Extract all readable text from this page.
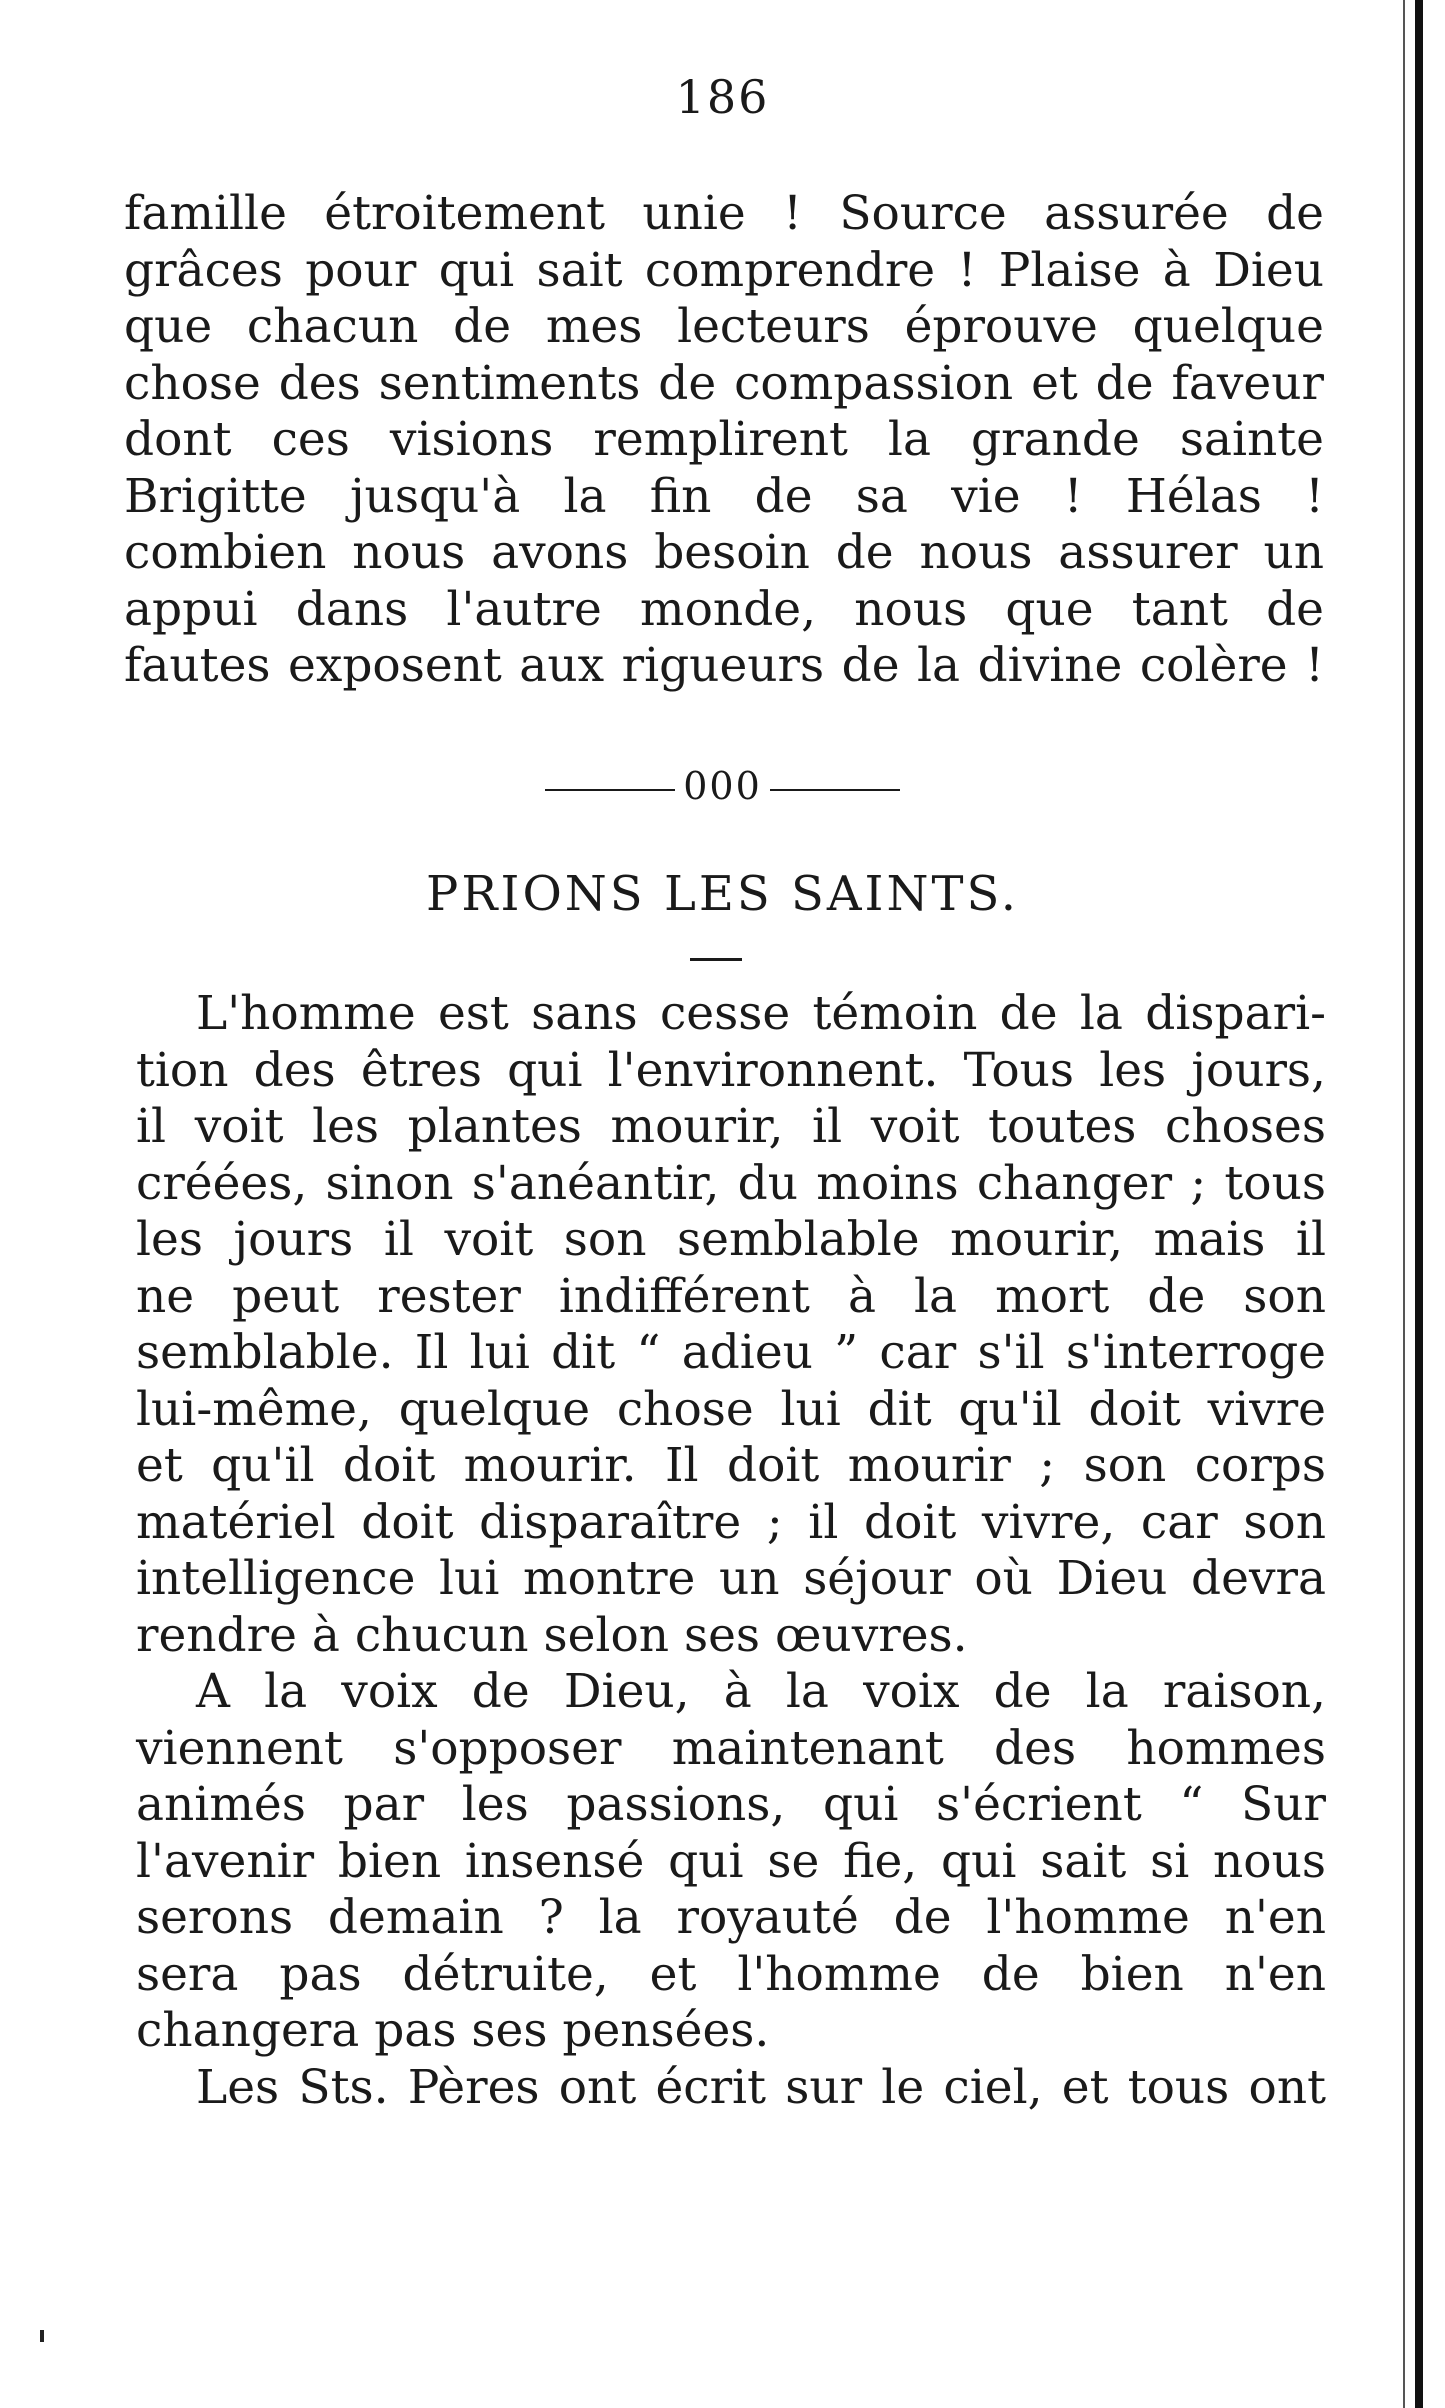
186
famille étroitement unie ! Source assurée de
grâces pour qui sait comprendre ! Plaise à Dieu
que chacun de mes lecteurs éprouve quelque
chose des sentiments de compassion et de faveur
dont ces visions remplirent la grande sainte
Brigitte jusqu'à la fin de sa vie ! Hélas !
combien nous avons besoin de nous assurer un
appui dans l'autre monde, nous que tant de
fautes exposent aux rigueurs de la divine colère !
000
PRIONS LES SAINTS.
L'homme est sans cesse témoin de la dispari-
tion des êtres qui l'environnent. Tous les jours,
il voit les plantes mourir, il voit toutes choses
créées, sinon s'anéantir, du moins changer ; tous
les jours il voit son semblable mourir, mais il
ne peut rester indifférent à la mort de son
semblable. Il lui dit “ adieu ” car s'il s'interroge
lui-même, quelque chose lui dit qu'il doit vivre
et qu'il doit mourir. Il doit mourir ; son corps
matériel doit disparaître ; il doit vivre, car son
intelligence lui montre un séjour où Dieu devra
rendre à chucun selon ses œuvres.
A la voix de Dieu, à la voix de la raison,
viennent s'opposer maintenant des hommes
animés par les passions, qui s'écrient “ Sur
l'avenir bien insensé qui se fie, qui sait si nous
serons demain ? la royauté de l'homme n'en
sera pas détruite, et l'homme de bien n'en
changera pas ses pensées.
Les Sts. Pères ont écrit sur le ciel, et tous ont
